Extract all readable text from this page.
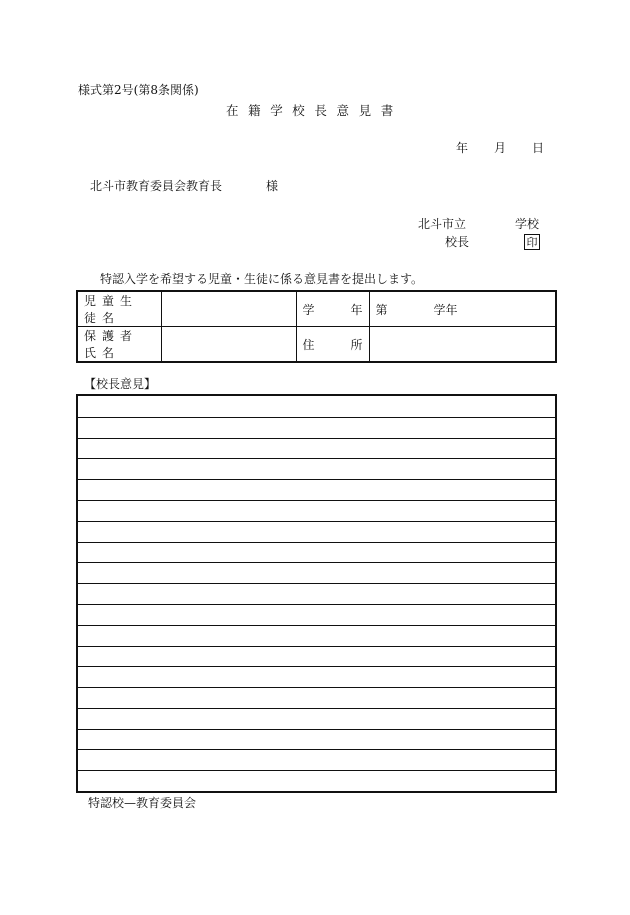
様式第2号(第8条関係)
在籍学校長意見書
年 月 日
北斗市教育委員会教育長	様
北斗市立	学校
校長	印
特認入学を希望する児童・生徒に係る意見書を提出します。
児童生徒名		学 年	第 学年
保護者氏名		住 所	

【校長意見】
特認校—教育委員会
